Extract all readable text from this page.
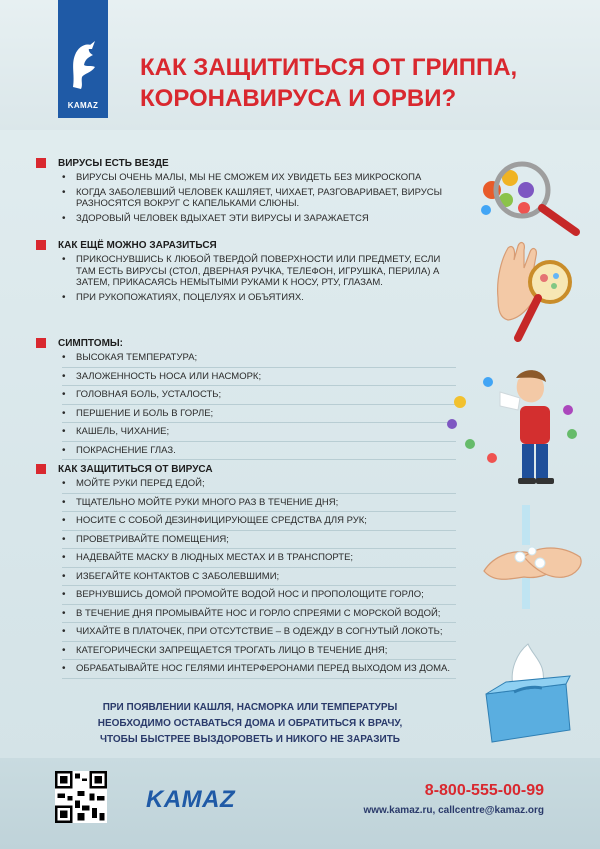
KAMAZ
КАК ЗАЩИТИТЬСЯ ОТ ГРИППА,
КОРОНАВИРУСА И ОРВИ?
ВИРУСЫ ЕСТЬ ВЕЗДЕ
• ВИРУСЫ ОЧЕНЬ МАЛЫ, МЫ НЕ СМОЖЕМ ИХ УВИДЕТЬ БЕЗ МИКРОСКОПА
• КОГДА ЗАБОЛЕВШИЙ ЧЕЛОВЕК КАШЛЯЕТ, ЧИХАЕТ, РАЗГОВАРИВАЕТ, ВИРУСЫ РАЗНОСЯТСЯ ВОКРУГ С КАПЕЛЬКАМИ СЛЮНЫ.
• ЗДОРОВЫЙ ЧЕЛОВЕК ВДЫХАЕТ ЭТИ ВИРУСЫ И ЗАРАЖАЕТСЯ
КАК ЕЩЁ МОЖНО ЗАРАЗИТЬСЯ
• ПРИКОСНУВШИСЬ К ЛЮБОЙ ТВЕРДОЙ ПОВЕРХНОСТИ ИЛИ ПРЕДМЕТУ, ЕСЛИ ТАМ ЕСТЬ ВИРУСЫ (СТОЛ, ДВЕРНАЯ РУЧКА, ТЕЛЕФОН, ИГРУШКА, ПЕРИЛА) А ЗАТЕМ, ПРИКАСАЯСЬ НЕМЫТЫМИ РУКАМИ К НОСУ, РТУ, ГЛАЗАМ.
• ПРИ РУКОПОЖАТИЯХ, ПОЦЕЛУЯХ И ОБЪЯТИЯХ.
СИМПТОМЫ:
• ВЫСОКАЯ ТЕМПЕРАТУРА;
• ЗАЛОЖЕННОСТЬ НОСА ИЛИ НАСМОРК;
• ГОЛОВНАЯ БОЛЬ, УСТАЛОСТЬ;
• ПЕРШЕНИЕ И БОЛЬ В ГОРЛЕ;
• КАШЕЛЬ, ЧИХАНИЕ;
• ПОКРАСНЕНИЕ ГЛАЗ.
КАК ЗАЩИТИТЬСЯ ОТ ВИРУСА
• МОЙТЕ РУКИ ПЕРЕД ЕДОЙ;
• ТЩАТЕЛЬНО МОЙТЕ РУКИ МНОГО РАЗ В ТЕЧЕНИЕ ДНЯ;
• НОСИТЕ С СОБОЙ ДЕЗИНФИЦИРУЮЩЕЕ СРЕДСТВА ДЛЯ РУК;
• ПРОВЕТРИВАЙТЕ ПОМЕЩЕНИЯ;
• НАДЕВАЙТЕ МАСКУ В ЛЮДНЫХ МЕСТАХ И В ТРАНСПОРТЕ;
• ИЗБЕГАЙТЕ КОНТАКТОВ С ЗАБОЛЕВШИМИ;
• ВЕРНУВШИСЬ ДОМОЙ ПРОМОЙТЕ ВОДОЙ НОС И ПРОПОЛОЩИТЕ ГОРЛО;
• В ТЕЧЕНИЕ ДНЯ ПРОМЫВАЙТЕ НОС И ГОРЛО СПРЕЯМИ С МОРСКОЙ ВОДОЙ;
• ЧИХАЙТЕ В ПЛАТОЧЕК, ПРИ ОТСУТСТВИЕ – В ОДЕЖДУ В СОГНУТЫЙ ЛОКОТЬ;
• КАТЕГОРИЧЕСКИ ЗАПРЕЩАЕТСЯ ТРОГАТЬ ЛИЦО В ТЕЧЕНИЕ ДНЯ;
• ОБРАБАТЫВАЙТЕ НОС ГЕЛЯМИ ИНТЕРФЕРОНАМИ ПЕРЕД ВЫХОДОМ ИЗ ДОМА.
ПРИ ПОЯВЛЕНИИ КАШЛЯ, НАСМОРКА ИЛИ ТЕМПЕРАТУРЫ
НЕОБХОДИМО ОСТАВАТЬСЯ ДОМА И ОБРАТИТЬСЯ К ВРАЧУ,
ЧТОБЫ БЫСТРЕЕ ВЫЗДОРОВЕТЬ И НИКОГО НЕ ЗАРАЗИТЬ
KAMAZ	8-800-555-00-99
www.kamaz.ru, callcentre@kamaz.org
